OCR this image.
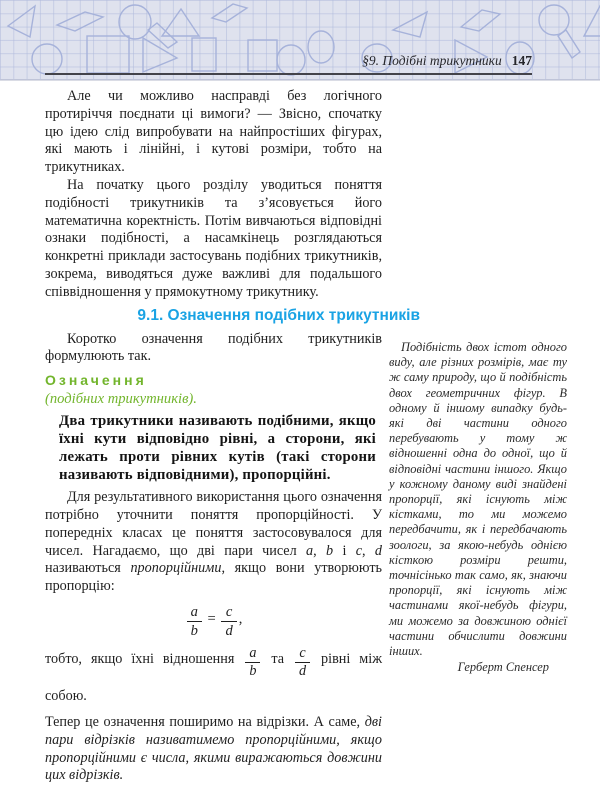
§9. Подібні трикутники 147

Але чи можливо насправді без логічного протиріччя поєднати ці вимоги? — Звісно, спочатку цю ідею слід випробувати на найпростіших фігурах, які мають і лінійні, і кутові розміри, тобто на трикутниках.

На початку цього розділу уводиться поняття подібності трикутників та з’ясовується його математична коректність. Потім вивчаються відповідні ознаки подібності, а насамкінець розглядаються конкретні приклади застосувань подібних трикутників, зокрема, виводяться дуже важливі для подальшого співвідношення у прямокутному трикутнику.

9.1. Означення подібних трикутників

Коротко означення подібних трикутників формулюють так.

Означення
(подібних трикутників).

Два трикутники називають подібними, якщо їхні кути відповідно рівні, а сторони, які лежать проти рівних кутів (такі сторони називають відповідними), пропорційні.

Для результативного використання цього означення потрібно уточнити поняття пропорційності. У попередніх класах це поняття застосовувалося для чисел. Нагадаємо, що дві пари чисел a, b і c, d називаються пропорційними, якщо вони утворюють пропорцію:

$\frac{a}{b} = \frac{c}{d}$ ,

тобто, якщо їхні відношення $\frac{a}{b}$ та $\frac{c}{d}$ рівні між собою.

Тепер це означення поширимо на відрізки. А саме, дві пари відрізків називатимемо пропорційними, якщо пропорційними є числа, якими виражаються довжини цих відрізків.

Подібність двох істот одного виду, але різних розмірів, має ту ж саму природу, що й подібність двох геометричних фігур. В одному й іншому випадку будь-які дві частини одного перебувають у тому ж відношенні одна до одної, що й відповідні частини іншого. Якщо у кожному даному виді знайдені пропорції, які існують між кістками, то ми можемо передбачити, як і передбачають зоологи, за якою-небудь однією кісткою розміри решти, точнісінько так само, як, знаючи пропорції, які існують між частинами якої-небудь фігури, ми можемо за довжиною однієї частини обчислити довжини інших.

Герберт Спенсер
